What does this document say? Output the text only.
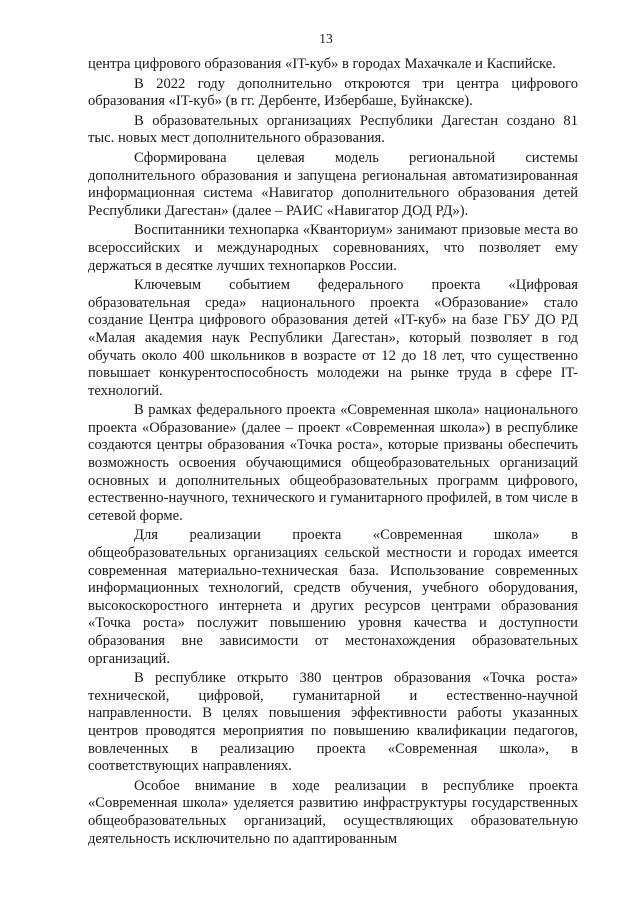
13

центра цифрового образования «IT-куб» в городах Махачкале и Каспийске.

В 2022 году дополнительно откроются три центра цифрового образования «IT-куб» (в гг. Дербенте, Избербаше, Буйнакске).

В образовательных организациях Республики Дагестан создано 81 тыс. новых мест дополнительного образования.

Сформирована целевая модель региональной системы дополнительного образования и запущена региональная автоматизированная информационная система «Навигатор дополнительного образования детей Республики Дагестан» (далее – РАИС «Навигатор ДОД РД»).

Воспитанники технопарка «Кванториум» занимают призовые места во всероссийских и международных соревнованиях, что позволяет ему держаться в десятке лучших технопарков России.

Ключевым событием федерального проекта «Цифровая образовательная среда» национального проекта «Образование» стало создание Центра цифрового образования детей «IT-куб» на базе ГБУ ДО РД «Малая академия наук Республики Дагестан», который позволяет в год обучать около 400 школьников в возрасте от 12 до 18 лет, что существенно повышает конкурентоспособность молодежи на рынке труда в сфере IT-технологий.

В рамках федерального проекта «Современная школа» национального проекта «Образование» (далее – проект «Современная школа») в республике создаются центры образования «Точка роста», которые призваны обеспечить возможность освоения обучающимися общеобразовательных организаций основных и дополнительных общеобразовательных программ цифрового, естественно-научного, технического и гуманитарного профилей, в том числе в сетевой форме.

Для реализации проекта «Современная школа» в общеобразовательных организациях сельской местности и городах имеется современная материально-техническая база. Использование современных информационных технологий, средств обучения, учебного оборудования, высокоскоростного интернета и других ресурсов центрами образования «Точка роста» послужит повышению уровня качества и доступности образования вне зависимости от местонахождения образовательных организаций.

В республике открыто 380 центров образования «Точка роста» технической, цифровой, гуманитарной и естественно-научной направленности. В целях повышения эффективности работы указанных центров проводятся мероприятия по повышению квалификации педагогов, вовлеченных в реализацию проекта «Современная школа», в соответствующих направлениях.

Особое внимание в ходе реализации в республике проекта «Современная школа» уделяется развитию инфраструктуры государственных общеобразовательных организаций, осуществляющих образовательную деятельность исключительно по адаптированным
